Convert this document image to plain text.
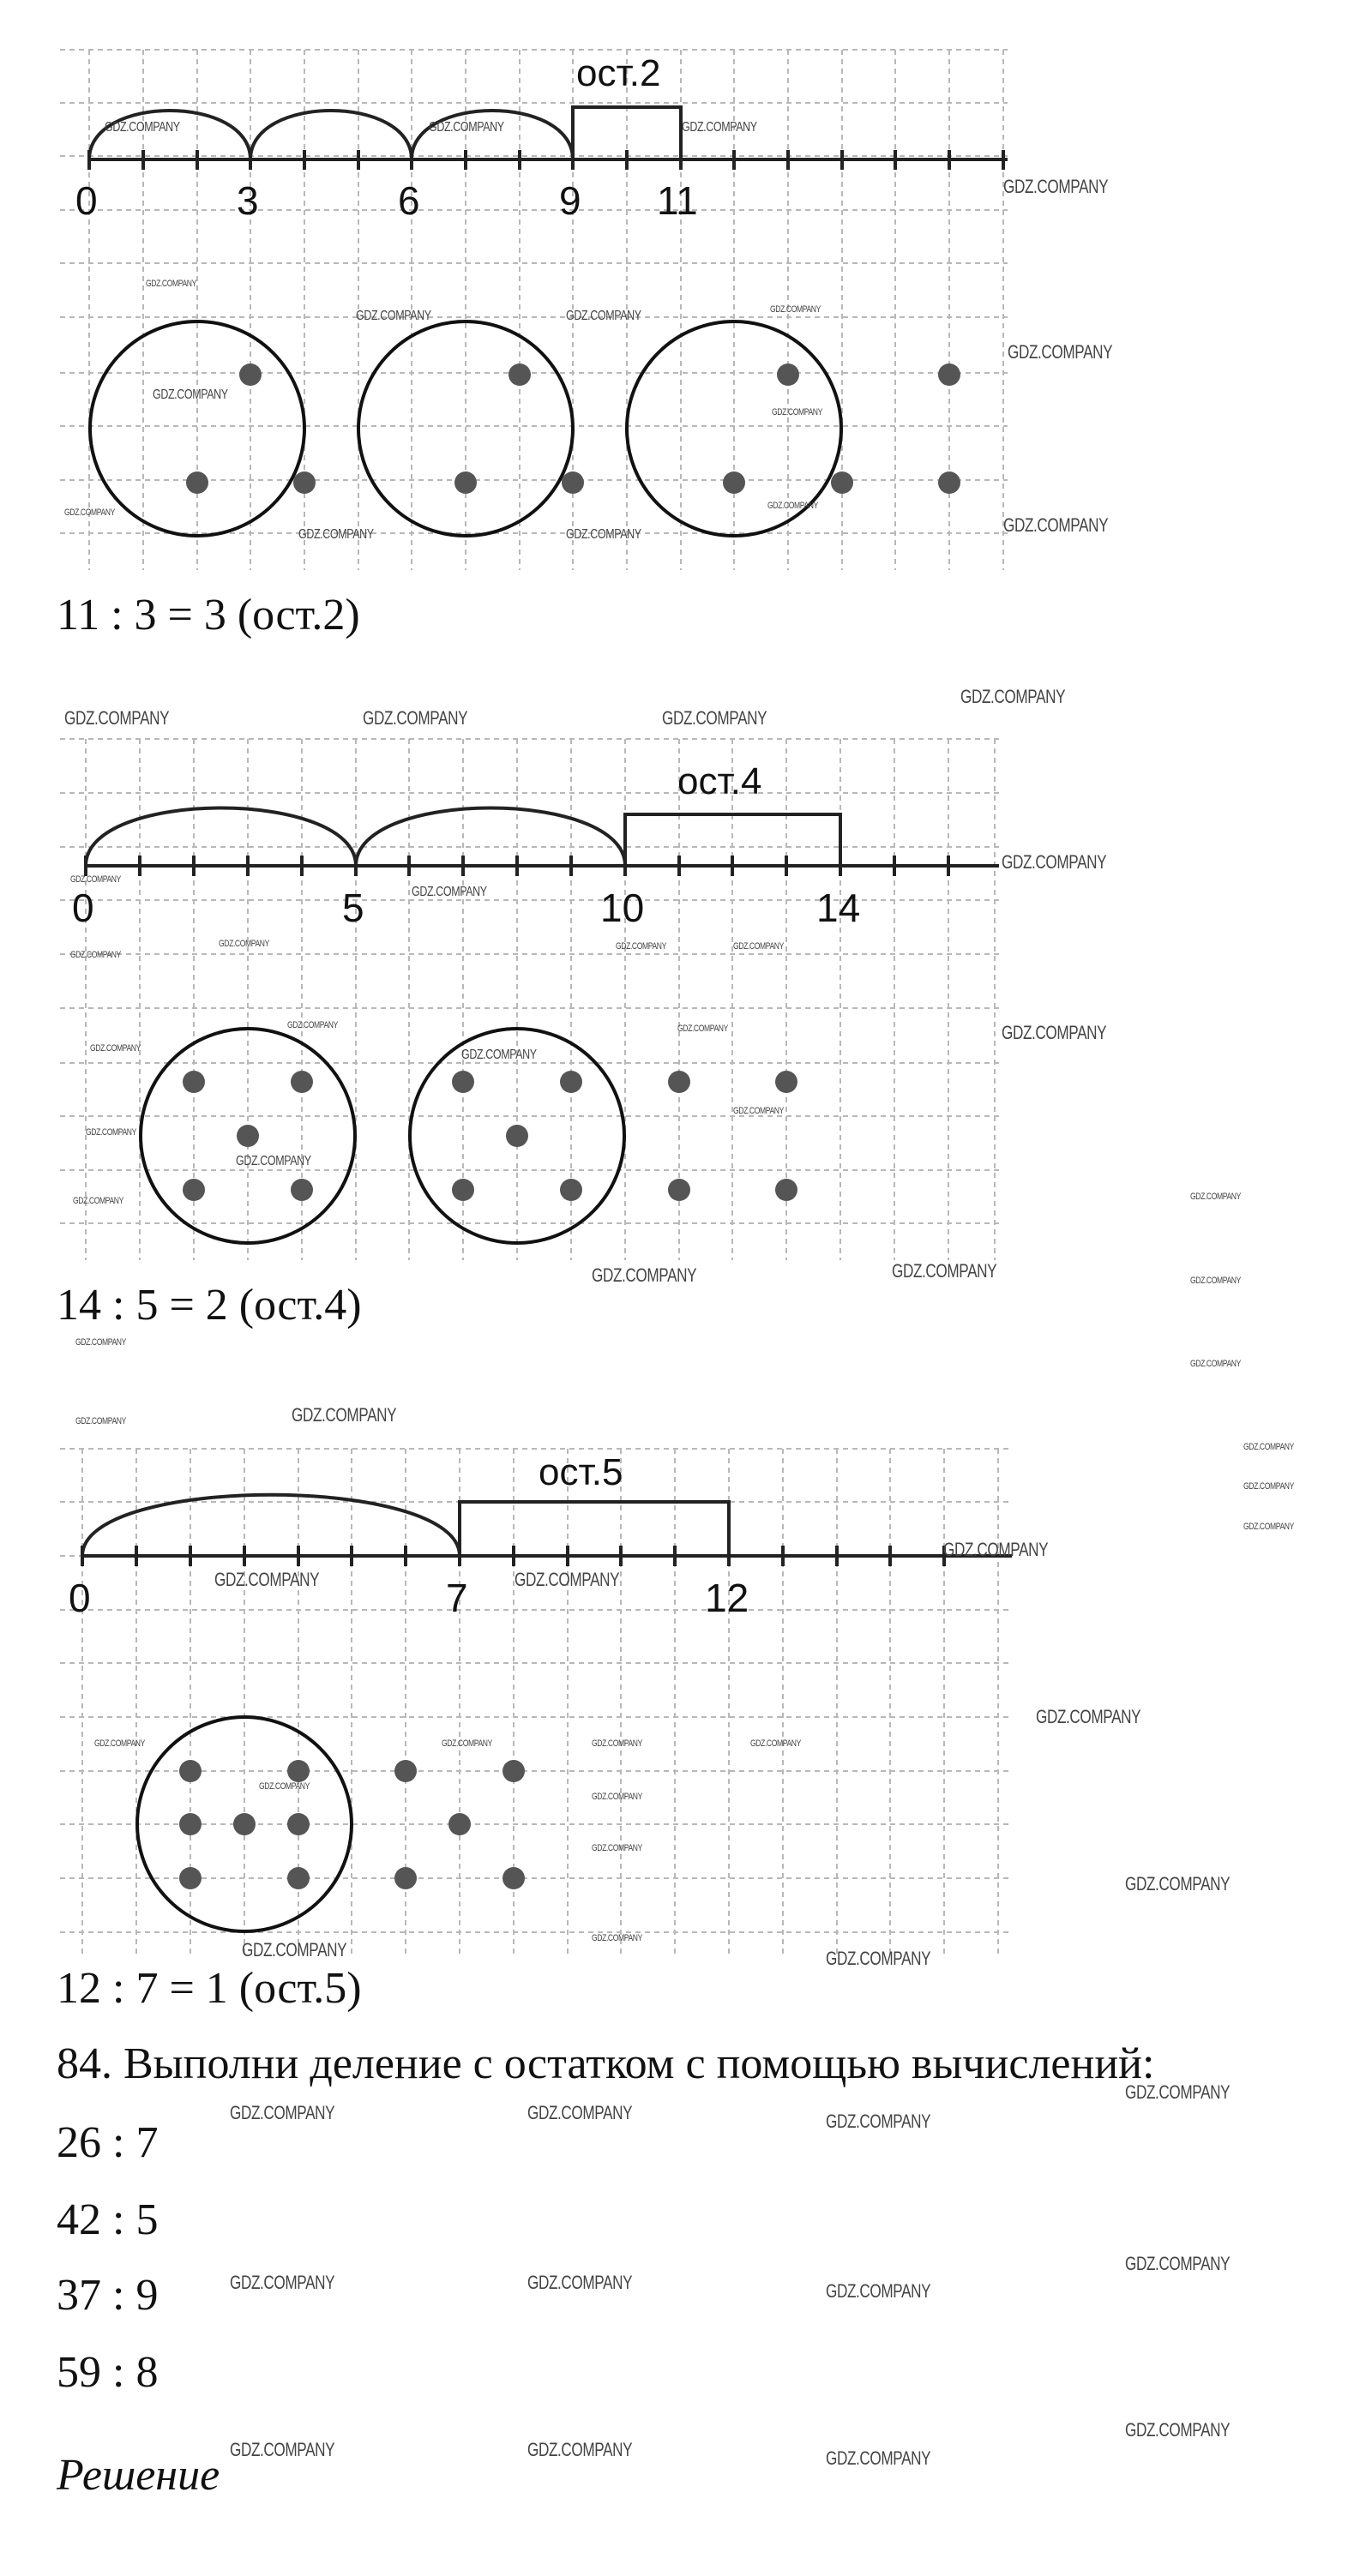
ост.2
0	3	6	9 11

11 : 3 = 3 (ост.2)

ост.4
0	5	10	14

14 : 5 = 2 (ост.4)

ост.5
0	7	12

12 : 7 = 1 (ост.5)

84. Выполни деление с остатком с помощью вычислений:

26 : 7

42 : 5

37 : 9

59 : 8

Решение

GDZ.COMPANY	GDZ.COMPANY	GDZ.COMPANY
GDZ.COMPANY
GDZ.COMPANY
GDZ.COMPANY	GDZ.COMPANY	GDZ.COMPANY
GDZ.COMPANY
GDZ.COMPANY
GDZ.COMPANY
GDZ.COMPANY
GDZ.COMPANY
GDZ.COMPANY	GDZ.COMPANY	GDZ.COMPANY
GDZ.COMPANY	GDZ.COMPANY	GDZ.COMPANY
GDZ.COMPANY
GDZ.COMPANY
GDZ.COMPANY
GDZ.COMPANY
GDZ.COMPANY
GDZ.COMPANY
GDZ.COMPANY	GDZ.COMPANY
GDZ.COMPANY	GDZ.COMPANY	GDZ.COMPANY
GDZ.COMPANY	GDZ.COMPANY
GDZ.COMPANY
GDZ.COMPANY
GDZ.COMPANY
GDZ.COMPANY	GDZ.COMPANY
GDZ.COMPANY	GDZ.COMPANY	GDZ.COMPANY
GDZ.COMPANY
GDZ.COMPANY
GDZ.COMPANY	GDZ.COMPANY
GDZ.COMPANY
GDZ.COMPANY
GDZ.COMPANY
GDZ.COMPANY
GDZ.COMPANY	GDZ.COMPANY
GDZ.COMPANY
GDZ.COMPANY	GDZ.COMPANY	GDZ.COMPANY	GDZ.COMPANY
GDZ.COMPANY
GDZ.COMPANY
GDZ.COMPANY
GDZ.COMPANY
GDZ.COMPANY
GDZ.COMPANY	GDZ.COMPANY
GDZ.COMPANY
GDZ.COMPANY	GDZ.COMPANY	GDZ.COMPANY
GDZ.COMPANY
GDZ.COMPANY	GDZ.COMPANY	GDZ.COMPANY
GDZ.COMPANY
GDZ.COMPANY	GDZ.COMPANY	GDZ.COMPANY
